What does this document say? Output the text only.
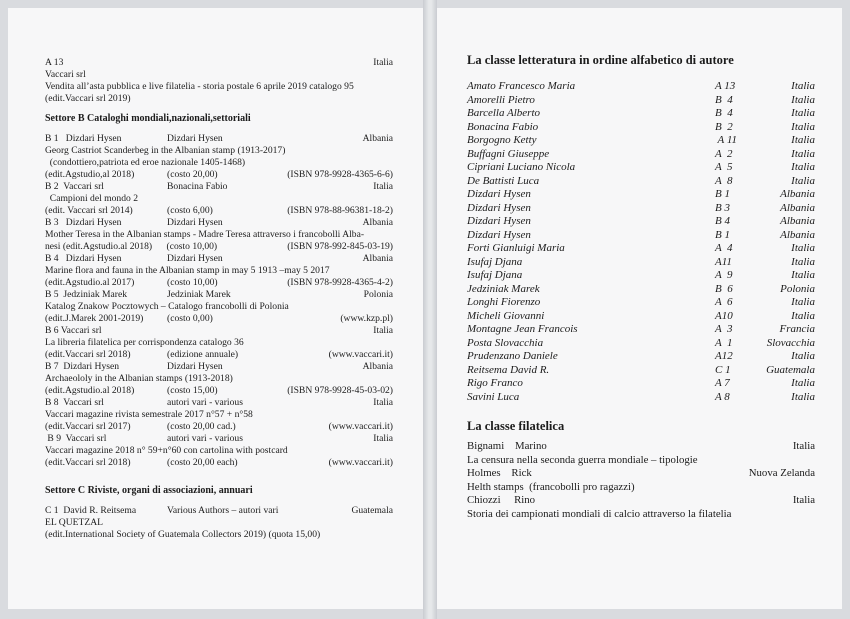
A 13	Italia
Vaccari srl
Vendita all’asta pubblica e live filatelia - storia postale 6 aprile 2019 catalogo 95
(edit.Vaccari srl 2019)
Settore B Cataloghi mondiali,nazionali,settoriali
B 1   Dizdari Hysen	Dizdari Hysen	Albania
Georg Castriot Scanderbeg in the Albanian stamp (1913-2017)
(condottiero,patriota ed eroe nazionale 1405-1468)
(edit.Agstudio,al 2018)	(costo 20,00)	(ISBN 978-9928-4365-6-6)
B 2  Vaccari srl	Bonacina Fabio	Italia
Campioni del mondo 2
(edit. Vaccari srl 2014)	(costo 6,00)	(ISBN 978-88-96381-18-2)
B 3   Dizdari Hysen	Dizdari Hysen	Albania
Mother Teresa in the Albanian stamps - Madre Teresa attraverso i francobolli Alba-
nesi (edit.Agstudio.al 2018)      (costo 10,00)	(ISBN 978-992-845-03-19)
B 4   Dizdari Hysen	Dizdari Hysen	Albania
Marine flora and fauna in the Albanian stamp in may 5 1913 –may 5 2017
(edit.Agstudio.al 2017)	(costo 10,00)	(ISBN 978-9928-4365-4-2)
B 5  Jedziniak Marek	Jedziniak Marek	Polonia
Katalog Znakow Pocztowych – Catalogo francobolli di Polonia
(edit.J.Marek 2001-2019) (costo 0,00)	(www.kzp.pl)
B 6 Vaccari srl	Italia
La libreria filatelica per corrispondenza catalogo 36
(edit.Vaccari srl 2018)	(edizione annuale)	(www.vaccari.it)
B 7  Dizdari Hysen	Dizdari Hysen	Albania
Archaeololy in the Albanian stamps (1913-2018)
(edit.Agstudio.al 2018)	(costo 15,00)	(ISBN 978-9928-45-03-02)
B 8  Vaccari srl	autori vari - various	Italia
Vaccari magazine rivista semestrale 2017 n°57 + n°58
(edit.Vaccari srl 2017)	(costo 20,00 cad.)	(www.vaccari.it)
B 9  Vaccari srl	autori vari - various	Italia
Vaccari magazine 2018 n° 59+n°60 con cartolina with postcard
(edit.Vaccari srl 2018)	(costo 20,00 each)	(www.vaccari.it)
Settore C Riviste, organi di associazioni, annuari
C 1  David R. Reitsema	Various Authors – autori vari	Guatemala
EL QUETZAL
(edit.International Society of Guatemala Collectors 2019) (quota 15,00)
La classe letteratura in ordine alfabetico di autore
Amato Francesco Maria	A 13	Italia
Amorelli Pietro	B  4	Italia
Barcella Alberto	B  4	Italia
Bonacina Fabio	B  2	Italia
Borgogno Ketty	A 11	Italia
Buffagni Giuseppe	A  2	Italia
Cipriani Luciano Nicola	A  5	Italia
De Battisti Luca	A  8	Italia
Dizdari Hysen	B 1	Albania
Dizdari Hysen	B 3	Albania
Dizdari Hysen	B 4	Albania
Dizdari Hysen	B 1	Albania
Forti Gianluigi Maria	A  4	Italia
Isufaj Djana	A11	Italia
Isufaj Djana	A  9	Italia
Jedziniak Marek	B  6	Polonia
Longhi Fiorenzo	A  6	Italia
Micheli Giovanni	A10	Italia
Montagne Jean Francois	A  3	Francia
Posta Slovacchia	A  1	Slovacchia
Prudenzano Daniele	A12	Italia
Reitsema David R.	C 1	Guatemala
Rigo Franco	A 7	Italia
Savini Luca	A 8	Italia
La classe filatelica
Bignami    Marino	Italia
La censura nella seconda guerra mondiale – tipologie
Holmes    Rick	Nuova Zelanda
Helth stamps  (francobolli pro ragazzi)
Chiozzi     Rino	Italia
Storia dei campionati mondiali di calcio attraverso la filatelia
